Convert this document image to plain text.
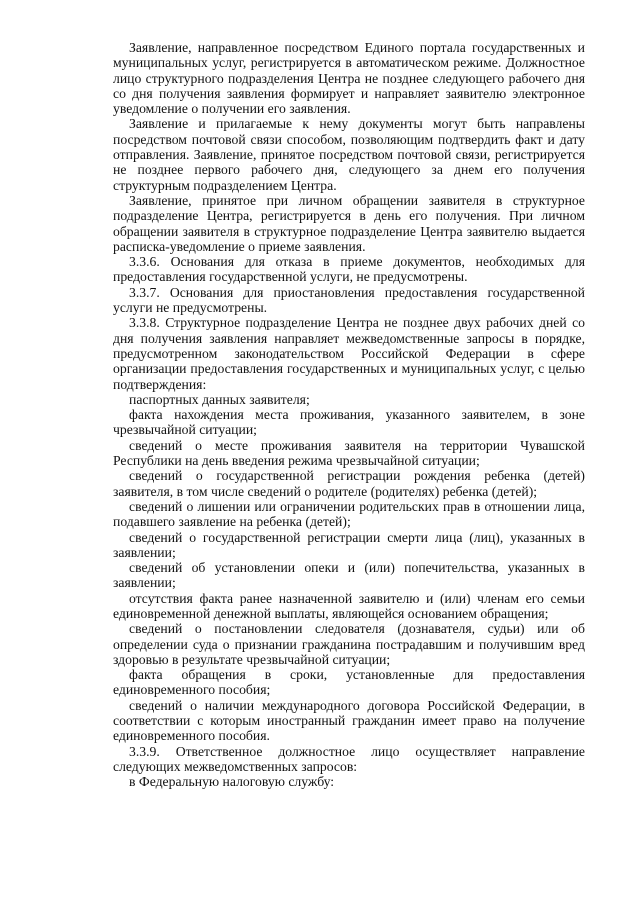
Заявление, направленное посредством Единого портала государственных и муниципальных услуг, регистрируется в автоматическом режиме. Должностное лицо структурного подразделения Центра не позднее следующего рабочего дня со дня получения заявления формирует и направляет заявителю электронное уведомление о получении его заявления.

Заявление и прилагаемые к нему документы могут быть направлены посредством почтовой связи способом, позволяющим подтвердить факт и дату отправления. Заявление, принятое посредством почтовой связи, регистрируется не позднее первого рабочего дня, следующего за днем его получения структурным подразделением Центра.

Заявление, принятое при личном обращении заявителя в структурное подразделение Центра, регистрируется в день его получения. При личном обращении заявителя в структурное подразделение Центра заявителю выдается расписка-уведомление о приеме заявления.

3.3.6. Основания для отказа в приеме документов, необходимых для предоставления государственной услуги, не предусмотрены.

3.3.7. Основания для приостановления предоставления государственной услуги не предусмотрены.

3.3.8. Структурное подразделение Центра не позднее двух рабочих дней со дня получения заявления направляет межведомственные запросы в порядке, предусмотренном законодательством Российской Федерации в сфере организации предоставления государственных и муниципальных услуг, с целью подтверждения:

паспортных данных заявителя;

факта нахождения места проживания, указанного заявителем, в зоне чрезвычайной ситуации;

сведений о месте проживания заявителя на территории Чувашской Республики на день введения режима чрезвычайной ситуации;

сведений о государственной регистрации рождения ребенка (детей) заявителя, в том числе сведений о родителе (родителях) ребенка (детей);

сведений о лишении или ограничении родительских прав в отношении лица, подавшего заявление на ребенка (детей);

сведений о государственной регистрации смерти лица (лиц), указанных в заявлении;

сведений об установлении опеки и (или) попечительства, указанных в заявлении;

отсутствия факта ранее назначенной заявителю и (или) членам его семьи единовременной денежной выплаты, являющейся основанием обращения;

сведений о постановлении следователя (дознавателя, судьи) или об определении суда о признании гражданина пострадавшим и получившим вред здоровью в результате чрезвычайной ситуации;

факта обращения в сроки, установленные для предоставления единовременного пособия;

сведений о наличии международного договора Российской Федерации, в соответствии с которым иностранный гражданин имеет право на получение единовременного пособия.

3.3.9. Ответственное должностное лицо осуществляет направление следующих межведомственных запросов:

в Федеральную налоговую службу:
